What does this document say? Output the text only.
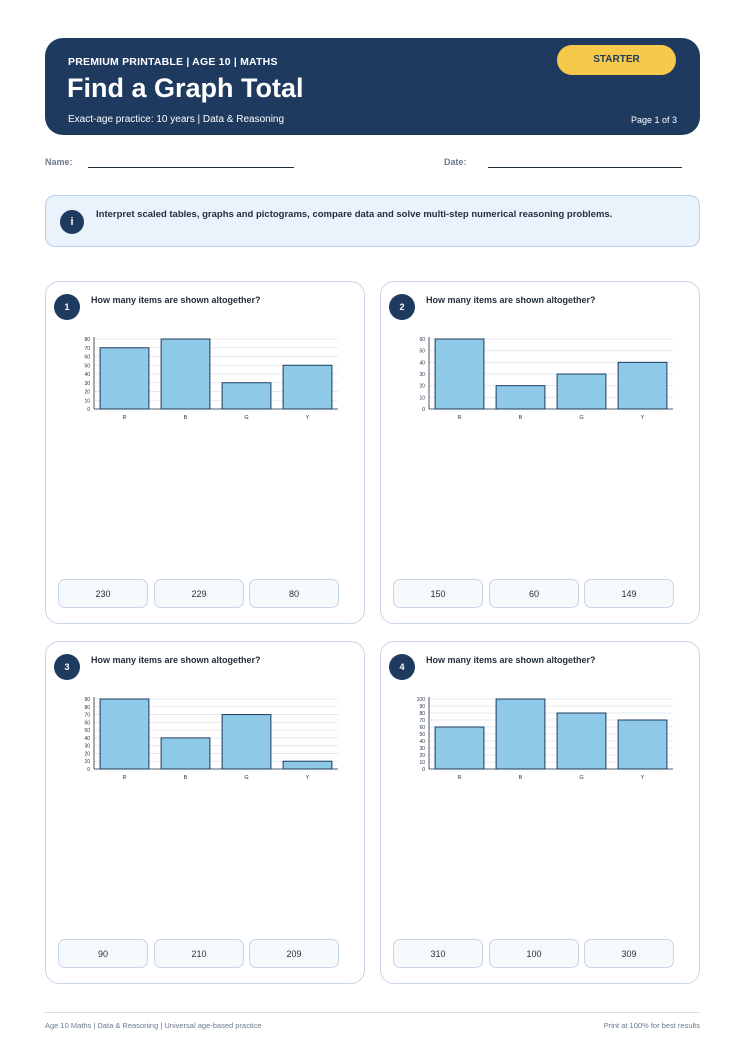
PREMIUM PRINTABLE | AGE 10 | MATHS
Find a Graph Total
Exact-age practice: 10 years | Data & Reasoning	Page 1 of 3
STARTER
Name:	Date:
i
Interpret scaled tables, graphs and pictograms, compare data and solve multi-step numerical reasoning problems.
1
How many items are shown altogether?
0
10
20
30
40
50
60
70
80
R	B	G	Y
230	229	80
2
How many items are shown altogether?
0
10
20
30
40
50
60
R	B	G	Y
150	60	149
3
How many items are shown altogether?
0
10
20
30
40
50
60
70
80
90
R	B	G	Y
90	210	209
4
How many items are shown altogether?
0
10
20
30
40
50
60
70
80
90
100
R	B	G	Y
310	100	309
Age 10 Maths | Data & Reasoning | Universal age-based practice	Print at 100% for best results
